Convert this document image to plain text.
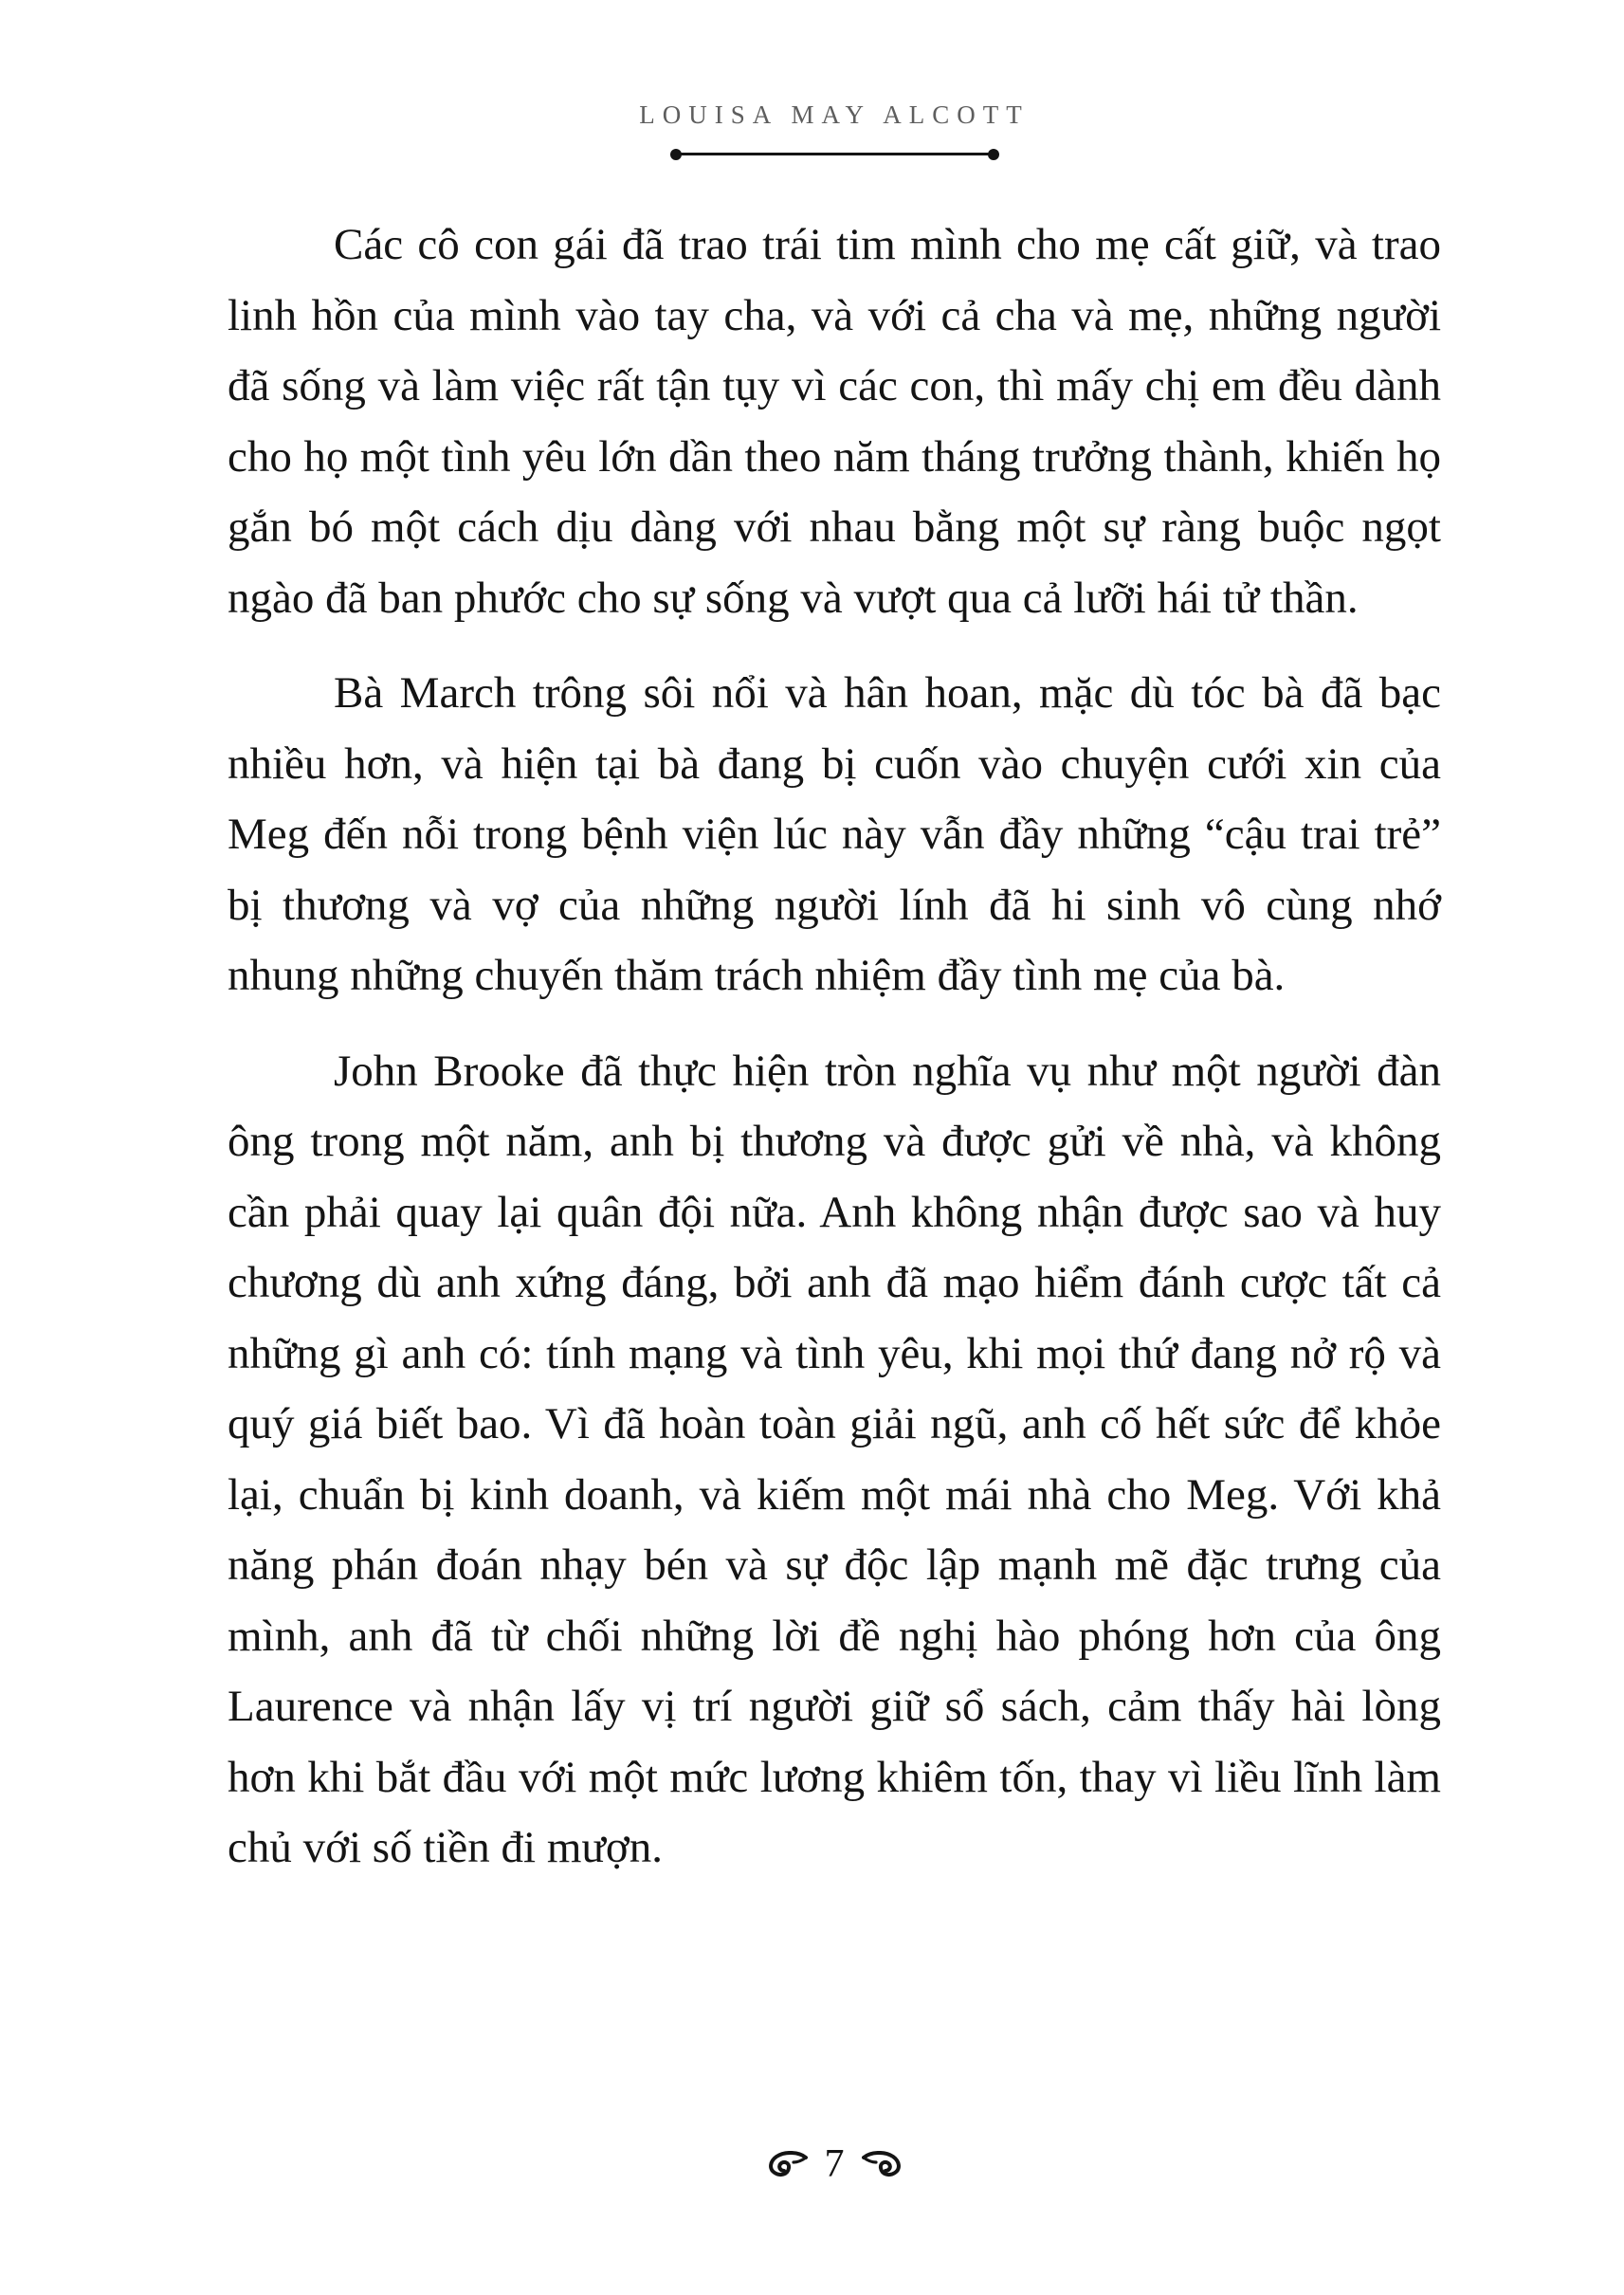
LOUISA MAY ALCOTT

Các cô con gái đã trao trái tim mình cho mẹ cất giữ, và trao linh hồn của mình vào tay cha, và với cả cha và mẹ, những người đã sống và làm việc rất tận tụy vì các con, thì mấy chị em đều dành cho họ một tình yêu lớn dần theo năm tháng trưởng thành, khiến họ gắn bó một cách dịu dàng với nhau bằng một sự ràng buộc ngọt ngào đã ban phước cho sự sống và vượt qua cả lưỡi hái tử thần.

Bà March trông sôi nổi và hân hoan, mặc dù tóc bà đã bạc nhiều hơn, và hiện tại bà đang bị cuốn vào chuyện cưới xin của Meg đến nỗi trong bệnh viện lúc này vẫn đầy những “cậu trai trẻ” bị thương và vợ của những người lính đã hi sinh vô cùng nhớ nhung những chuyến thăm trách nhiệm đầy tình mẹ của bà.

John Brooke đã thực hiện tròn nghĩa vụ như một người đàn ông trong một năm, anh bị thương và được gửi về nhà, và không cần phải quay lại quân đội nữa. Anh không nhận được sao và huy chương dù anh xứng đáng, bởi anh đã mạo hiểm đánh cược tất cả những gì anh có: tính mạng và tình yêu, khi mọi thứ đang nở rộ và quý giá biết bao. Vì đã hoàn toàn giải ngũ, anh cố hết sức để khỏe lại, chuẩn bị kinh doanh, và kiếm một mái nhà cho Meg. Với khả năng phán đoán nhạy bén và sự độc lập mạnh mẽ đặc trưng của mình, anh đã từ chối những lời đề nghị hào phóng hơn của ông Laurence và nhận lấy vị trí người giữ sổ sách, cảm thấy hài lòng hơn khi bắt đầu với một mức lương khiêm tốn, thay vì liều lĩnh làm chủ với số tiền đi mượn.

7
